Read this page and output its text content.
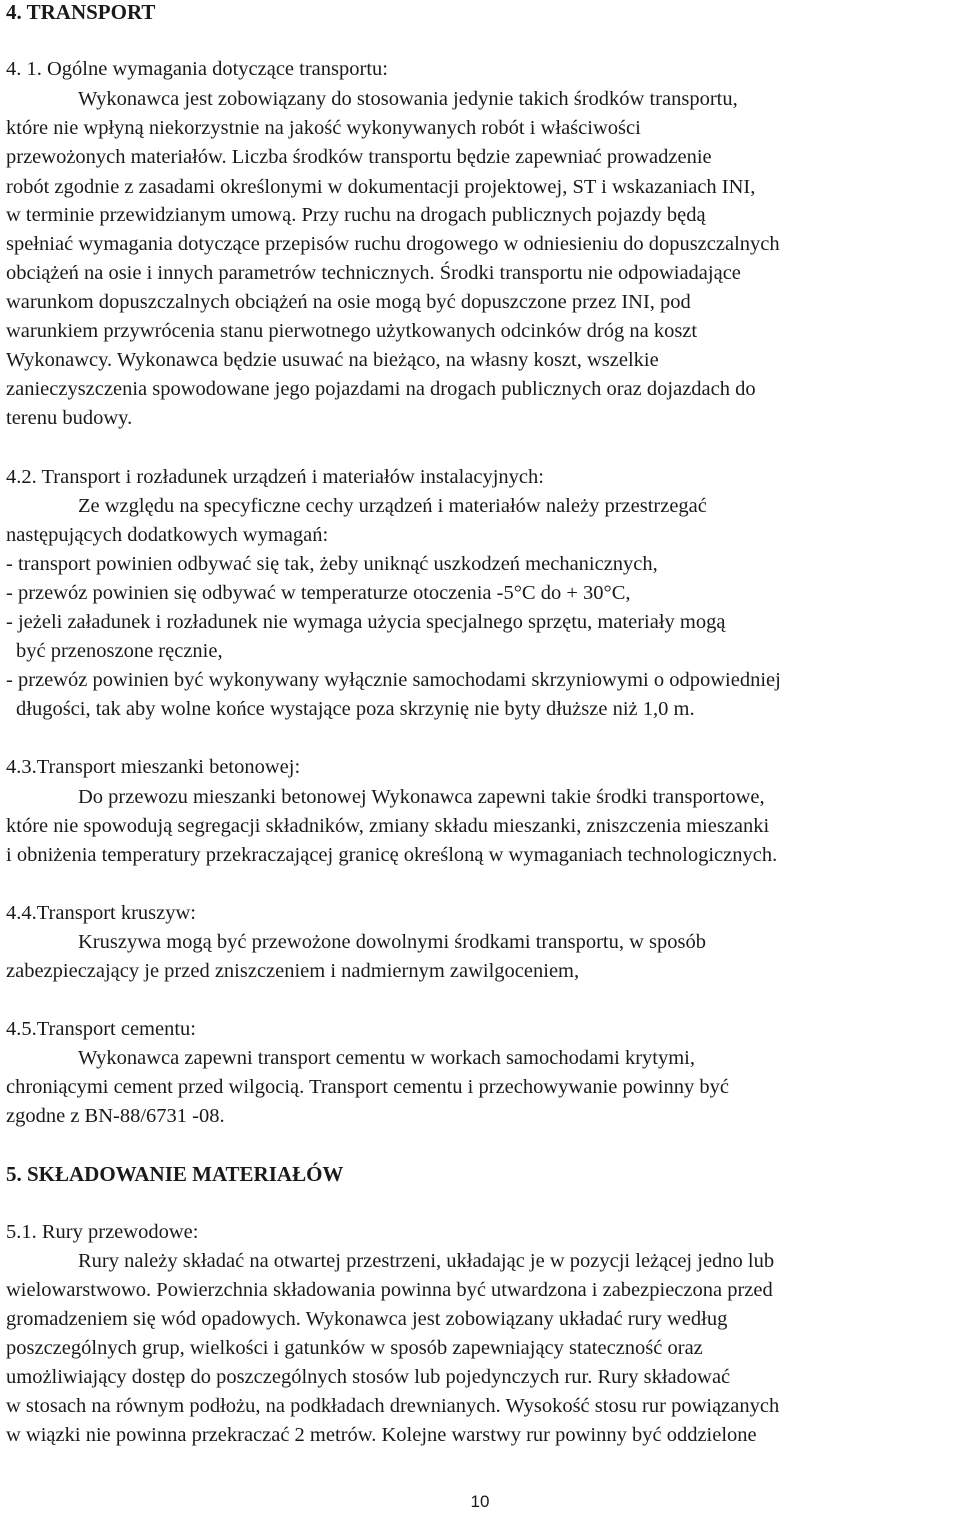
4. TRANSPORT
4. 1. Ogólne wymagania dotyczące transportu:
Wykonawca jest zobowiązany do stosowania jedynie takich środków transportu,
które nie wpłyną niekorzystnie na jakość wykonywanych robót i właściwości
przewożonych materiałów. Liczba środków transportu będzie zapewniać prowadzenie
robót zgodnie z zasadami określonymi w dokumentacji projektowej, ST i wskazaniach INI,
w terminie przewidzianym umową. Przy ruchu na drogach publicznych pojazdy będą
spełniać wymagania dotyczące przepisów ruchu drogowego w odniesieniu do dopuszczalnych
obciążeń na osie i innych parametrów technicznych. Środki transportu nie odpowiadające
warunkom dopuszczalnych obciążeń na osie mogą być dopuszczone przez INI, pod
warunkiem przywrócenia stanu pierwotnego użytkowanych odcinków dróg na koszt
Wykonawcy. Wykonawca będzie usuwać na bieżąco, na własny koszt, wszelkie
zanieczyszczenia spowodowane jego pojazdami na drogach publicznych oraz dojazdach do
terenu budowy.
4.2. Transport i rozładunek urządzeń i materiałów instalacyjnych:
Ze względu na specyficzne cechy urządzeń i materiałów należy przestrzegać
następujących dodatkowych wymagań:
- transport powinien odbywać się tak, żeby uniknąć uszkodzeń mechanicznych,
- przewóz powinien się odbywać w temperaturze otoczenia -5°C do + 30°C,
- jeżeli załadunek i rozładunek nie wymaga użycia specjalnego sprzętu, materiały mogą
być przenoszone ręcznie,
- przewóz powinien być wykonywany wyłącznie samochodami skrzyniowymi o odpowiedniej
długości, tak aby wolne końce wystające poza skrzynię nie byty dłuższe niż 1,0 m.
4.3.Transport mieszanki betonowej:
Do przewozu mieszanki betonowej Wykonawca zapewni takie środki transportowe,
które nie spowodują segregacji składników, zmiany składu mieszanki, zniszczenia mieszanki
i obniżenia temperatury przekraczającej granicę określoną w wymaganiach technologicznych.
4.4.Transport kruszyw:
Kruszywa mogą być przewożone dowolnymi środkami transportu, w sposób
zabezpieczający je przed zniszczeniem i nadmiernym zawilgoceniem,
4.5.Transport cementu:
Wykonawca zapewni transport cementu w workach samochodami krytymi,
chroniącymi cement przed wilgocią. Transport cementu i przechowywanie powinny być
zgodne z BN-88/6731 -08.
5. SKŁADOWANIE MATERIAŁÓW
5.1. Rury przewodowe:
Rury należy składać na otwartej przestrzeni, układając je w pozycji leżącej jedno lub
wielowarstwowo. Powierzchnia składowania powinna być utwardzona i zabezpieczona przed
gromadzeniem się wód opadowych. Wykonawca jest zobowiązany układać rury według
poszczególnych grup, wielkości i gatunków w sposób zapewniający stateczność oraz
umożliwiający dostęp do poszczególnych stosów lub pojedynczych rur. Rury składować
w stosach na równym podłożu, na podkładach drewnianych. Wysokość stosu rur powiązanych
w wiązki nie powinna przekraczać 2 metrów. Kolejne warstwy rur powinny być oddzielone
10
